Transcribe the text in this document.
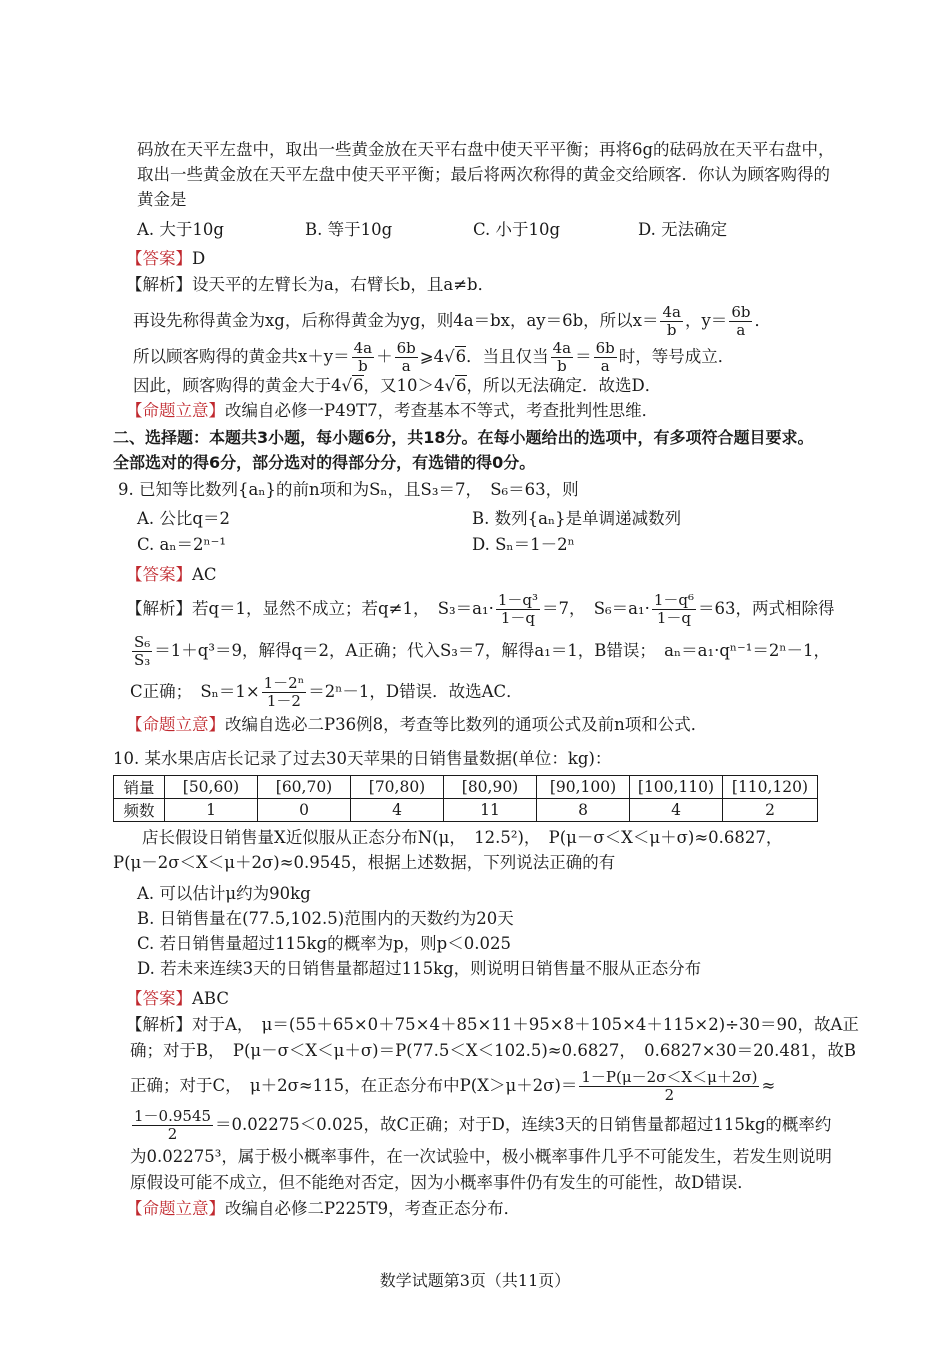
码放在天平左盘中，取出一些黄金放在天平右盘中使天平平衡；再将6g的砝码放在天平右盘中，
取出一些黄金放在天平左盘中使天平平衡；最后将两次称得的黄金交给顾客．你认为顾客购得的
黄金是
A. 大于10g	B. 等于10g	C. 小于10g	D. 无法确定
【答案】D
【解析】设天平的左臂长为a，右臂长b，且a≠b．
再设先称得黄金为xg，后称得黄金为yg，则4a＝bx，ay＝6b，所以$x= \frac{4a}{b}$ ，$y= \frac{6b}{a}$ ．
所以顾客购得的黄金共$x+y= \frac{4a}{b} + \frac{6b}{a}$ ⩾4√6．当且仅当 $\frac{4a}{b} = \frac{6b}{a}$ 时，等号成立．
因此，顾客购得的黄金大于4√6，又10＞4√6，所以无法确定．故选D．
【命题立意】改编自必修一P49T7，考查基本不等式，考查批判性思维．
二、选择题：本题共3小题，每小题6分，共18分。在每小题给出的选项中，有多项符合题目要求。
全部选对的得6分，部分选对的得部分分，有选错的得0分。
9. 已知等比数列{aₙ}的前n项和为Sₙ，且S₃＝7，　S₆＝63，则
A. 公比q＝2	B. 数列{aₙ}是单调递减数列
C. aₙ＝2ⁿ⁻¹	D. Sₙ＝1－2ⁿ
【答案】AC
【解析】若q＝1，显然不成立；若q≠1，　$S_3=a_1\cdot \frac{\text{1－q³}}{1-q} =7$，　$S_6=a_1\cdot \frac{\text{1－q⁶}}{1-q} =63$，两式相除得
$\frac{\text{S₆}}{\text{S₃}} =1+q^3=9$，解得q＝2，A正确；代入S₃＝7，解得a₁＝1，B错误；　aₙ＝a₁·qⁿ⁻¹＝2ⁿ－1，
C正确；　$S_n=1\times \frac{\text{1－2ⁿ}}{1-2} =2^n-1$，D错误．故选AC．
【命题立意】改编自选必二P36例8，考查等比数列的通项公式及前n项和公式．
10. 某水果店店长记录了过去30天苹果的日销售量数据(单位：kg)：
销量	[50,60)	[60,70)	[70,80)	[80,90)	[90,100)	[100,110)	[110,120)
频数	1	0	4	11	8	4	2
店长假设日销售量X近似服从正态分布N(μ，　12.5²)，　P(μ－σ＜X＜μ＋σ)≈0.6827，
P(μ－2σ＜X＜μ＋2σ)≈0.9545，根据上述数据，下列说法正确的有
A. 可以估计μ约为90kg
B. 日销售量在(77.5,102.5)范围内的天数约为20天
C. 若日销售量超过115kg的概率为p，则p＜0.025
D. 若未来连续3天的日销售量都超过115kg，则说明日销售量不服从正态分布
【答案】ABC
【解析】对于A，　μ＝(55＋65×0＋75×4＋85×11＋95×8＋105×4＋115×2)÷30＝90，故A正
确；对于B，　P(μ－σ＜X＜μ＋σ)＝P(77.5＜X＜102.5)≈0.6827，　0.6827×30＝20.481，故B
正确；对于C，　μ＋2σ≈115，在正态分布中$P(X>\mu+2\sigma)= \frac{1-P(\mu-2\sigma<X<\mu+2\sigma)}{2}$ ≈
$\frac{1-0.9545}{2} =0.02275<0.025$，故C正确；对于D，连续3天的日销售量都超过115kg的概率约
为0.02275³，属于极小概率事件，在一次试验中，极小概率事件几乎不可能发生，若发生则说明
原假设可能不成立，但不能绝对否定，因为小概率事件仍有发生的可能性，故D错误．
【命题立意】改编自必修二P225T9，考查正态分布．
数学试题第3页（共11页）
